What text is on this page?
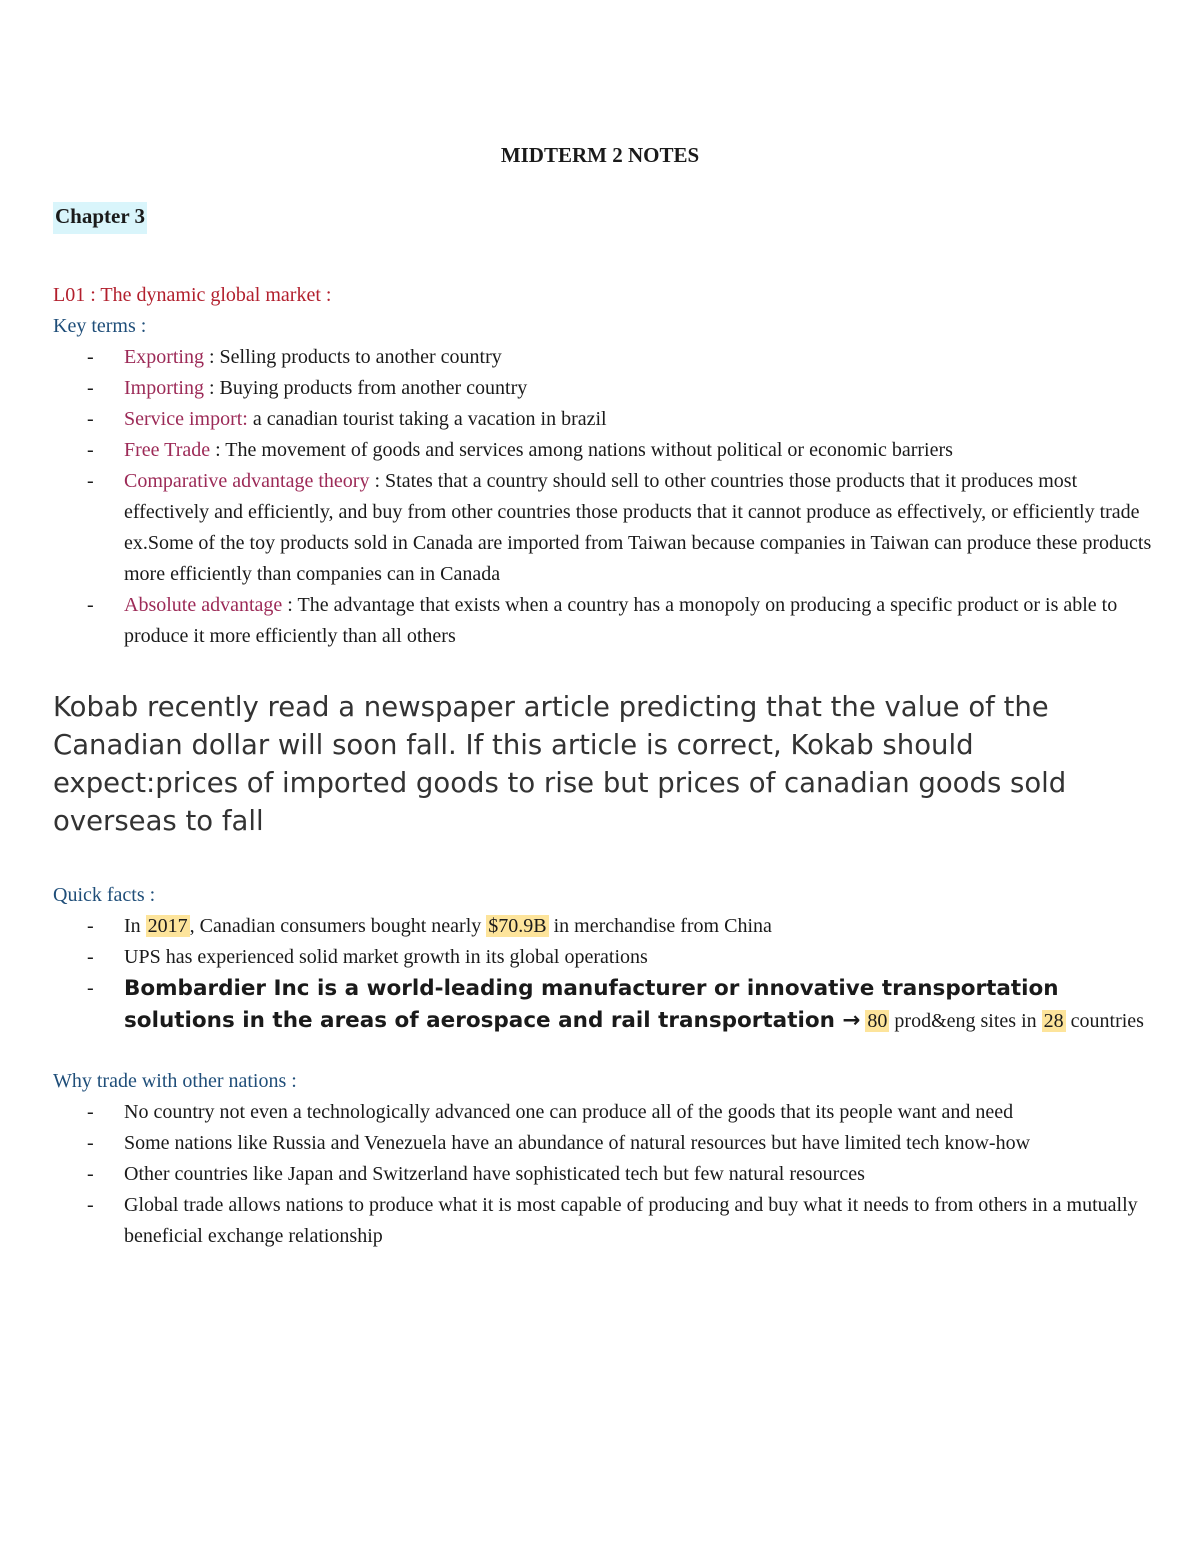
MIDTERM 2 NOTES
Chapter 3
L01 : The dynamic global market :
Key terms :
- Exporting : Selling products to another country
- Importing : Buying products from another country
- Service import: a canadian tourist taking a vacation in brazil
- Free Trade : The movement of goods and services among nations without political or economic barriers
- Comparative advantage theory : States that a country should sell to other countries those products that it produces most effectively and efficiently, and buy from other countries those products that it cannot produce as effectively, or efficiently trade ex.Some of the toy products sold in Canada are imported from Taiwan because companies in Taiwan can produce these products more efficiently than companies can in Canada
- Absolute advantage : The advantage that exists when a country has a monopoly on producing a specific product or is able to produce it more efficiently than all others
Kobab recently read a newspaper article predicting that the value of the Canadian dollar will soon fall. If this article is correct, Kokab should expect:prices of imported goods to rise but prices of canadian goods sold overseas to fall
Quick facts :
- In 2017 , Canadian consumers bought nearly $70.9B in merchandise from China
- UPS has experienced solid market growth in its global operations
- Bombardier Inc is a world-leading manufacturer or innovative transportation solutions in the areas of aerospace and rail transportation → 80 prod&eng sites in 28 countries
Why trade with other nations :
- No country not even a technologically advanced one can produce all of the goods that its people want and need
- Some nations like Russia and Venezuela have an abundance of natural resources but have limited tech know-how
- Other countries like Japan and Switzerland have sophisticated tech but few natural resources
- Global trade allows nations to produce what it is most capable of producing and buy what it needs to from others in a mutually beneficial exchange relationship
